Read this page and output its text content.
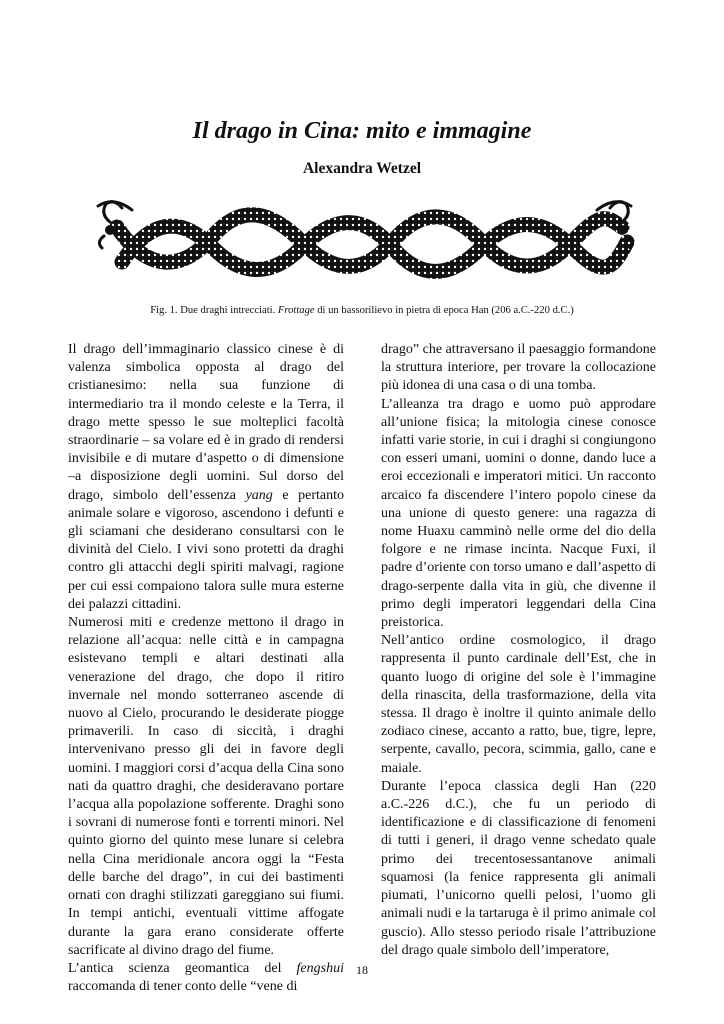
Il drago in Cina: mito e immagine

Alexandra Wetzel

Fig. 1. Due draghi intrecciati. Frottage di un bassorilievo in pietra di epoca Han (206 a.C.-220 d.C.)

Il drago dell’immaginario classico cinese è di valenza simbolica opposta al drago del cristianesimo: nella sua funzione di intermediario tra il mondo celeste e la Terra, il drago mette spesso le sue molteplici facoltà straordinarie – sa volare ed è in grado di rendersi invisibile e di mutare d’aspetto o di dimensione –a disposizione degli uomini. Sul dorso del drago, simbolo dell’essenza yang e pertanto animale solare e vigoroso, ascendono i defunti e gli sciamani che desiderano consultarsi con le divinità del Cielo. I vivi sono protetti da draghi contro gli attacchi degli spiriti malvagi, ragione per cui essi compaiono talora sulle mura esterne dei palazzi cittadini.

Numerosi miti e credenze mettono il drago in relazione all’acqua: nelle città e in campagna esistevano templi e altari destinati alla venerazione del drago, che dopo il ritiro invernale nel mondo sotterraneo ascende di nuovo al Cielo, procurando le desiderate piogge primaverili. In caso di siccità, i draghi intervenivano presso gli dei in favore degli uomini. I maggiori corsi d’acqua della Cina sono nati da quattro draghi, che desideravano portare l’acqua alla popolazione sofferente. Draghi sono i sovrani di numerose fonti e torrenti minori. Nel quinto giorno del quinto mese lunare si celebra nella Cina meridionale ancora oggi la “Festa delle barche del drago”, in cui dei bastimenti ornati con draghi stilizzati gareggiano sui fiumi. In tempi antichi, eventuali vittime affogate durante la gara erano considerate offerte sacrificate al divino drago del fiume.

L’antica scienza geomantica del fengshui raccomanda di tener conto delle “vene di

drago” che attraversano il paesaggio formandone la struttura interiore, per trovare la collocazione più idonea di una casa o di una tomba.

L’alleanza tra drago e uomo può approdare all’unione fisica; la mitologia cinese conosce infatti varie storie, in cui i draghi si congiungono con esseri umani, uomini o donne, dando luce a eroi eccezionali e imperatori mitici. Un racconto arcaico fa discendere l’intero popolo cinese da una unione di questo genere: una ragazza di nome Huaxu camminò nelle orme del dio della folgore e ne rimase incinta. Nacque Fuxi, il padre d’oriente con torso umano e dall’aspetto di drago-serpente dalla vita in giù, che divenne il primo degli imperatori leggendari della Cina preistorica.

Nell’antico ordine cosmologico, il drago rappresenta il punto cardinale dell’Est, che in quanto luogo di origine del sole è l’immagine della rinascita, della trasformazione, della vita stessa. Il drago è inoltre il quinto animale dello zodiaco cinese, accanto a ratto, bue, tigre, lepre, serpente, cavallo, pecora, scimmia, gallo, cane e maiale.

Durante l’epoca classica degli Han (220 a.C.-226 d.C.), che fu un periodo di identificazione e di classificazione di fenomeni di tutti i generi, il drago venne schedato quale primo dei trecentosessantanove animali squamosi (la fenice rappresenta gli animali piumati, l’unicorno quelli pelosi, l’uomo gli animali nudi e la tartaruga è il primo animale col guscio). Allo stesso periodo risale l’attribuzione del drago quale simbolo dell’imperatore,

18
